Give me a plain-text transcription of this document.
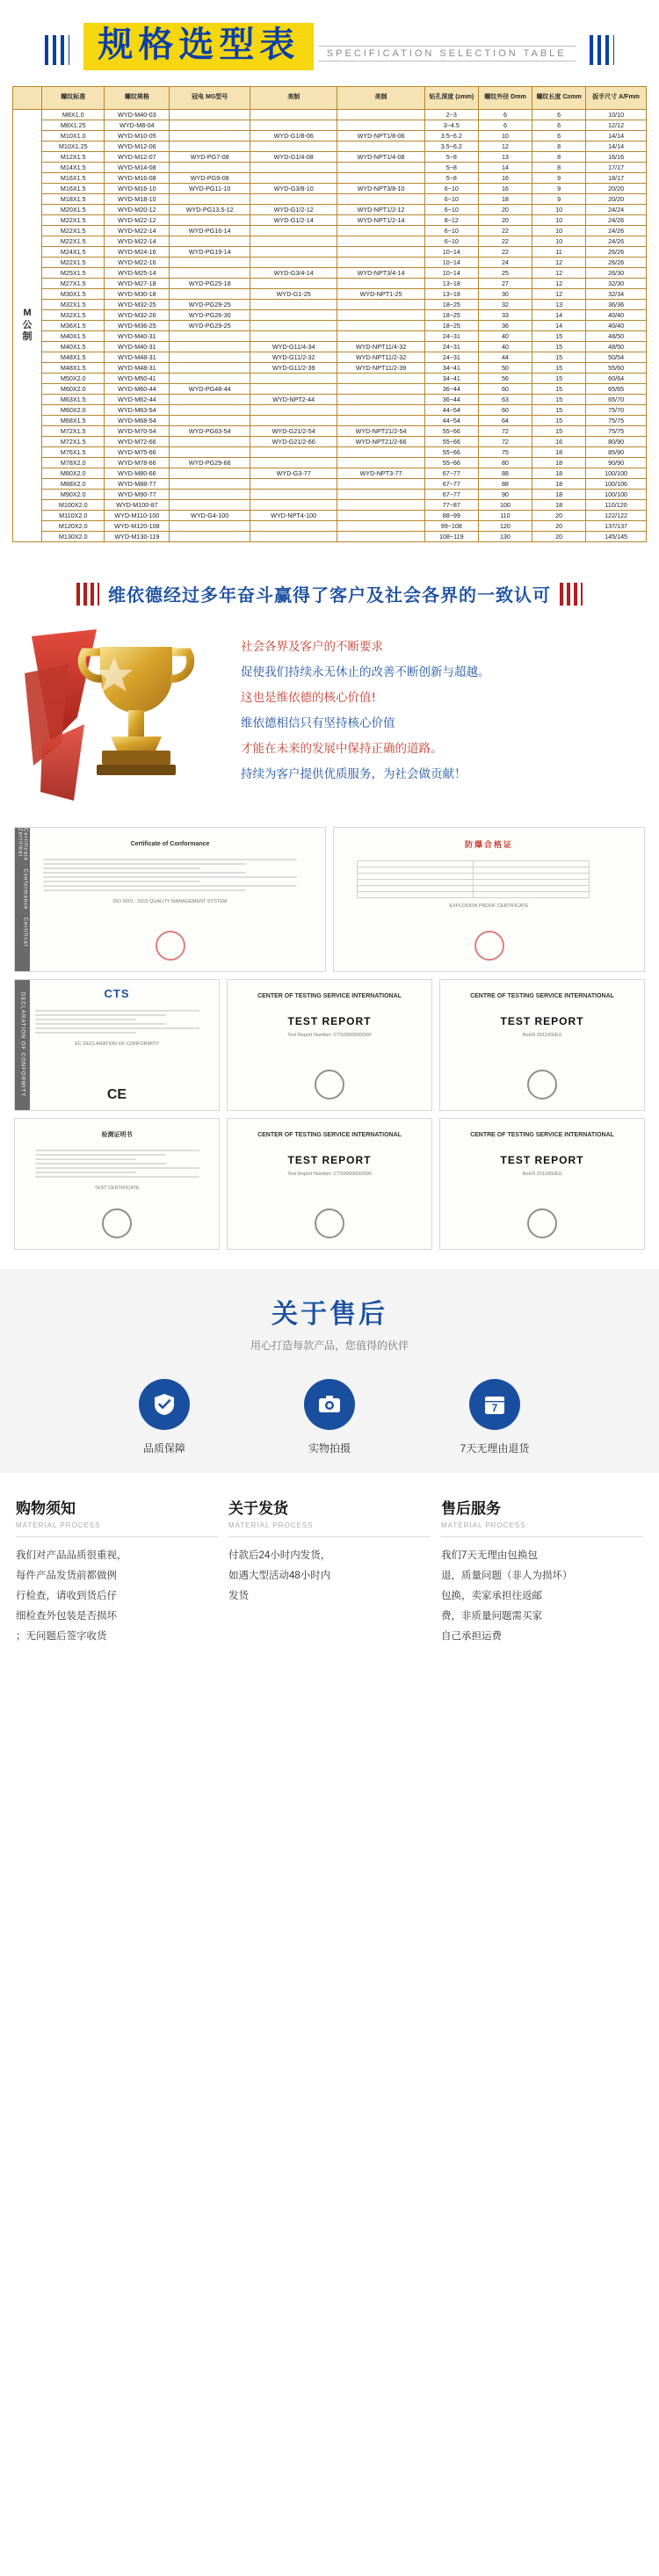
规格选型表	SPECIFICATION SELECTION TABLE
	螺纹标准	螺纹规格	冠电 MG型号	美制	美制	钻孔深度 (≥mm)	螺纹外径 Dmm	螺纹长度 C≥mm	扳手尺寸 A/Fmm
M
公
制	M8X1.0	WYD-M40-03				2~3	6	6	10/10
	M8X1.25	WYD-M8-04				3~4.5	6	6	12/12
	M10X1.0	WYD-M10-05		WYD-G1/8-06	WYD-NPT1/8-06	3.5~6.2	10	6	14/14
	M10X1.25	WYD-M12-06				3.5~6.2	12	8	14/14
	M12X1.5	WYD-M12-07	WYD-PG7-08	WYD-G1/4-08	WYD-NPT1/4-08	5~8	13	8	16/16
	M14X1.5	WYD-M14-08				5~8	14	8	17/17
	M16X1.5	WYD-M16-08	WYD-PG9-08			5~8	16	9	18/17
	M16X1.5	WYD-M16-10	WYD-PG11-10	WYD-G3/8-10	WYD-NPT3/8-10	6~10	16	9	20/20
	M18X1.5	WYD-M18-10				6~10	18	9	20/20
	M20X1.5	WYD-M20-12	WYD-PG13.5-12	WYD-G1/2-12	WYD-NPT1/2-12	6~10	20	10	24/24
	M22X1.5	WYD-M22-12		WYD-G1/2-14	WYD-NPT1/2-14	8~12	20	10	24/26
	M22X1.5	WYD-M22-14	WYD-PG16-14			6~10	22	10	24/26
	M22X1.5	WYD-M22-14				6~10	22	10	24/26
	M24X1.5	WYD-M24-16	WYD-PG19-14			10~14	22	11	26/26
	M22X1.5	WYD-M22-16				10~14	24	12	26/26
	M25X1.5	WYD-M25-14		WYD-G3/4-14	WYD-NPT3/4-14	10~14	25	12	26/30
	M27X1.5	WYD-M27-18	WYD-PG25-18			13~18	27	12	32/30
	M30X1.5	WYD-M30-18		WYD-G1-25	WYD-NPT1-25	13~18	30	12	32/34
	M32X1.5	WYD-M32-25	WYD-PG29-25			18~25	32	13	36/36
	M32X1.5	WYD-M32-26	WYD-PG26-30			18~25	33	14	40/40
	M36X1.5	WYD-M36-25	WYD-PG29-25			18~25	36	14	40/40
	M40X1.5	WYD-M40-31				24~31	40	15	48/50
	M40X1.5	WYD-M40-31		WYD-G11/4-34	WYD-NPT11/4-32	24~31	40	15	48/50
	M48X1.5	WYD-M48-31		WYD-G11/2-32	WYD-NPT11/2-32	24~31	44	15	50/54
	M48X1.5	WYD-M48-31		WYD-G11/2-39	WYD-NPT11/2-39	34~41	50	15	55/60
	M50X2.0	WYD-M50-41				34~41	56	15	60/64
	M60X2.0	WYD-M60-44	WYD-PG48-44			36~44	60	15	65/65
	M63X1.5	WYD-M62-44		WYD-NPT2-44		36~44	63	15	65/70
	M60X2.0	WYD-M63-54				44~54	60	15	75/70
	M68X1.5	WYD-M68-54				44~54	64	15	75/75
	M72X1.5	WYD-M70-54	WYD-PG63-54	WYD-G21/2-54	WYD-NPT21/2-54	55~66	72	15	75/75
	M72X1.5	WYD-M72-66		WYD-G21/2-66	WYD-NPT21/2-66	55~66	72	16	80/90
	M76X1.5	WYD-M75-66				55~66	75	18	85/90
	M78X2.0	WYD-M78-66	WYD-PG29-66			55~66	80	18	90/90
	M80X2.0	WYD-M80-66		WYD-G3-77	WYD-NPT3-77	67~77	88	18	100/100
	M88X2.0	WYD-M88-77				67~77	88	18	100/106
	M90X2.0	WYD-M90-77				67~77	90	18	100/100
	M100X2.0	WYD-M100-87				77~87	100	18	110/120
	M110X2.0	WYD-M110-100	WYD-G4-100	WYD-NPT4-100		88~99	110	20	122/122
	M120X2.0	WYD-M120-108				99~108	120	20	137/137
	M130X2.0	WYD-M130-119				108~119	130	20	145/145
维依德经过多年奋斗赢得了客户及社会各界的一致认可
社会各界及客户的不断要求
促使我们持续永无休止的改善不断创新与超越。
这也是维依德的核心价值!
维依德相信只有坚持核心价值
才能在未来的发展中保持正确的道路。
持续为客户提供优质服务，为社会做贡献！
Certificate · Conformance · Certificat · Zertifikat	Certificate of Conformance
ISO 9001 : 2015 QUALITY MANAGEMENT SYSTEM
防爆合格证

EXPLOSION PROOF CERTIFICATE
DECLARATION OF CONFORMITY	CTS
EC DECLARATION OF CONFORMITY
CE
CENTER OF TESTING SERVICE INTERNATIONAL
TEST REPORT
Test Report Number: CTS0000000/000
CENTRE OF TESTING SERVICE INTERNATIONAL
TEST REPORT
RoHS 2011/65/EU
检测证明书
TEST CERTIFICATE
CENTER OF TESTING SERVICE INTERNATIONAL
TEST REPORT
Test Report Number: CTS0000000/000
CENTRE OF TESTING SERVICE INTERNATIONAL
TEST REPORT
RoHS 2011/65/EU
关于售后
用心打造每款产品，您值得的伙伴
品质保障	实物拍摄
7
7天无理由退货
购物须知
MATERIAL PROCESS
我们对产品品质很重视，
每件产品发货前都做例
行检查，请收到货后仔
细检查外包装是否损坏
；无问题后签字收货
关于发货
MATERIAL PROCESS
付款后24小时内发货，
如遇大型活动48小时内
发货
售后服务
MATERIAL PROCESS
我们7天无理由包换包
退，质量问题（非人为损坏）
包换，卖家承担往返邮
费，非质量问题需买家
自己承担运费
